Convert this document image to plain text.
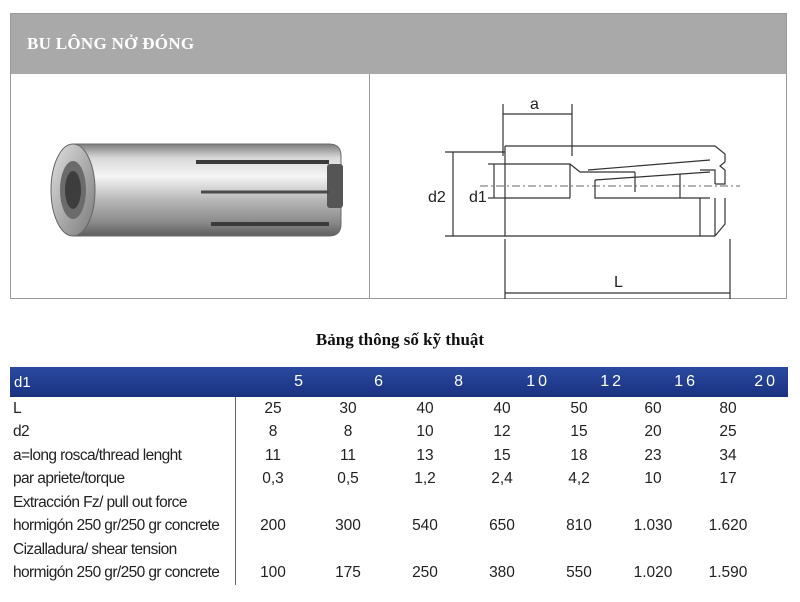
BU LÔNG NỞ ĐÓNG
a
d2 d1
L
Bảng thông số kỹ thuật
d1	5	6	8	10	12	16	20
L	25	30	40	40	50	60	80
d2	8	8	10	12	15	20	25
a=long rosca/thread lenght	11	11	13	15	18	23	34
par apriete/torque	0,3	0,5	1,2	2,4	4,2	10	17
Extracción Fz/ pull out force
hormigón 250 gr/250 gr concrete	200	300	540	650	810	1.030	1.620
Cizalladura/ shear tension
hormigón 250 gr/250 gr concrete	100	175	250	380	550	1.020	1.590
